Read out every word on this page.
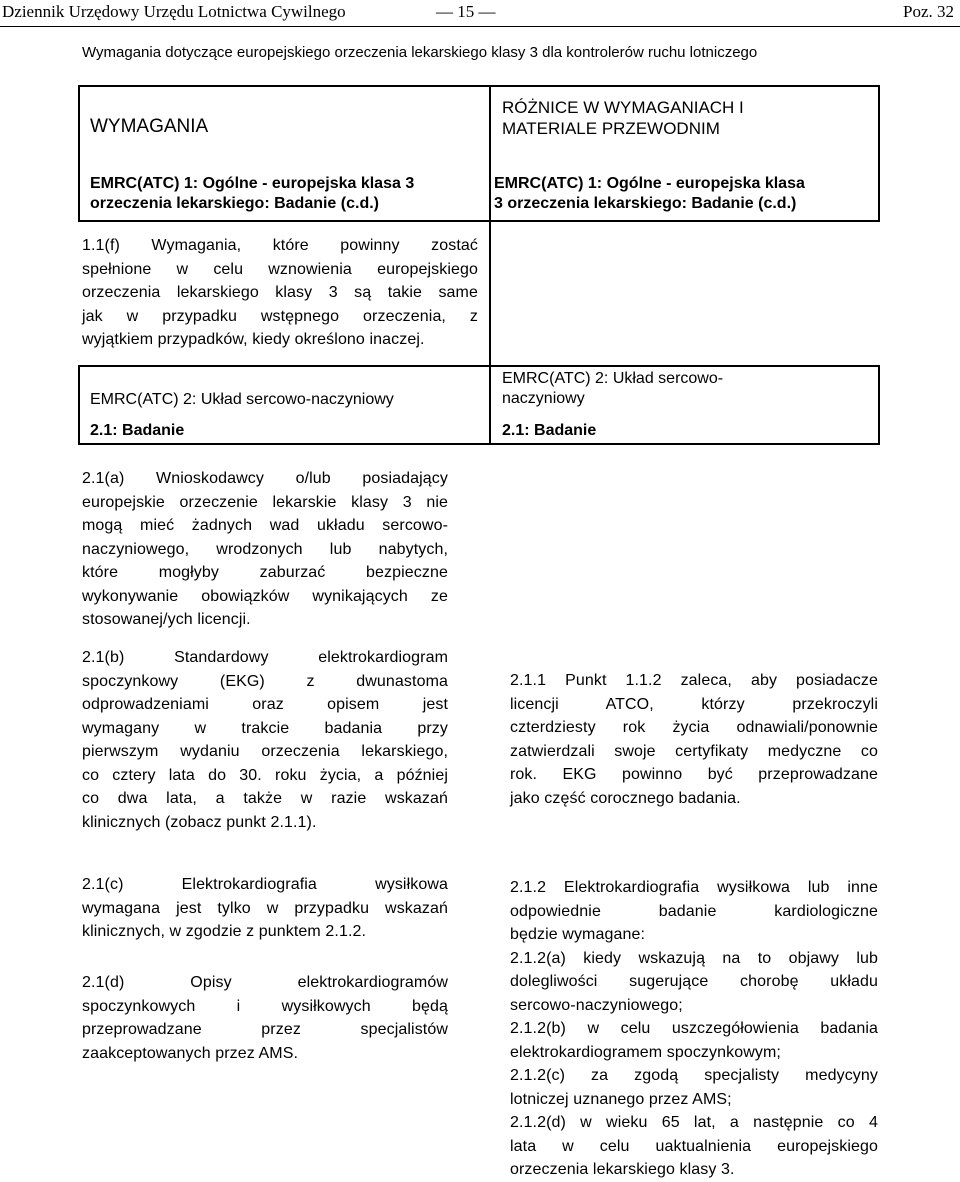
Dziennik Urzędowy Urzędu Lotnictwa Cywilnego	— 15 —	Poz. 32
Wymagania dotyczące europejskiego orzeczenia lekarskiego klasy 3 dla kontrolerów ruchu lotniczego
WYMAGANIA
RÓŻNICE W WYMAGANIACH I
MATERIALE PRZEWODNIM
EMRC(ATC) 1: Ogólne - europejska klasa 3
orzeczenia lekarskiego: Badanie (c.d.)
EMRC(ATC) 1: Ogólne - europejska klasa
3 orzeczenia lekarskiego: Badanie (c.d.)
1.1(f) Wymagania, które powinny zostać
spełnione w celu wznowienia europejskiego
orzeczenia lekarskiego klasy 3 są takie same
jak w przypadku wstępnego orzeczenia, z
wyjątkiem przypadków, kiedy określono inaczej.
EMRC(ATC) 2: Układ sercowo-naczyniowy
2.1: Badanie
EMRC(ATC) 2: Układ sercowo-
naczyniowy
2.1: Badanie
2.1(a) Wnioskodawcy o/lub posiadający
europejskie orzeczenie lekarskie klasy 3 nie
mogą mieć żadnych wad układu sercowo-
naczyniowego, wrodzonych lub nabytych,
które mogłyby zaburzać bezpieczne
wykonywanie obowiązków wynikających ze
stosowanej/ych licencji.
2.1(b) Standardowy elektrokardiogram
spoczynkowy (EKG) z dwunastoma
odprowadzeniami oraz opisem jest
wymagany w trakcie badania przy
pierwszym wydaniu orzeczenia lekarskiego,
co cztery lata do 30. roku życia, a później
co dwa lata, a także w razie wskazań
klinicznych (zobacz punkt 2.1.1).
2.1.1 Punkt 1.1.2 zaleca, aby posiadacze
licencji ATCO, którzy przekroczyli
czterdziesty rok życia odnawiali/ponownie
zatwierdzali swoje certyfikaty medyczne co
rok. EKG powinno być przeprowadzane
jako część corocznego badania.
2.1(c) Elektrokardiografia wysiłkowa
wymagana jest tylko w przypadku wskazań
klinicznych, w zgodzie z punktem 2.1.2.
2.1(d) Opisy elektrokardiogramów
spoczynkowych i wysiłkowych będą
przeprowadzane przez specjalistów
zaakceptowanych przez AMS.
2.1.2 Elektrokardiografia wysiłkowa lub inne
odpowiednie badanie kardiologiczne
będzie wymagane:
2.1.2(a) kiedy wskazują na to objawy lub
dolegliwości sugerujące chorobę układu
sercowo-naczyniowego;
2.1.2(b) w celu uszczegółowienia badania
elektrokardiogramem spoczynkowym;
2.1.2(c) za zgodą specjalisty medycyny
lotniczej uznanego przez AMS;
2.1.2(d) w wieku 65 lat, a następnie co 4
lata w celu uaktualnienia europejskiego
orzeczenia lekarskiego klasy 3.
